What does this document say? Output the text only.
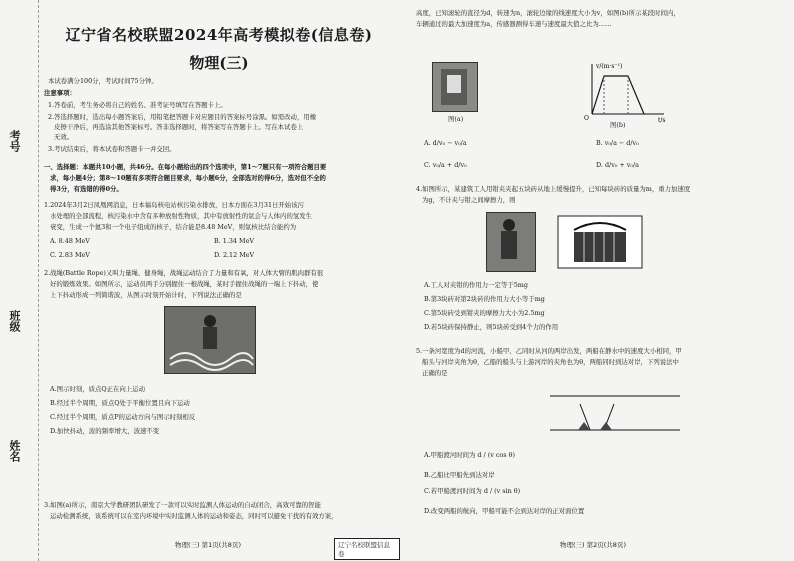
考号
班级
姓名
辽宁省名校联盟2024年高考模拟卷(信息卷)
物理(三)
本试卷满分100分，考试时间75分钟。
注意事项：
1.答卷前，考生务必将自己的姓名、准考证号填写在答题卡上。
2.答选择题时，选出每小题答案后，用铅笔把答题卡对应题目的答案标号涂黑。如需改动，用橡
皮擦干净后，再选涂其他答案标号。答非选择题时，将答案写在答题卡上。写在本试卷上
无效。
3.考试结束后，将本试卷和答题卡一并交回。
一、选择题：本题共10小题，共46分。在每小题给出的四个选项中，第1～7题只有一项符合题目要
求，每小题4分；第8～10题有多项符合题目要求，每小题6分，全部选对的得6分，选对但不全的
得3分，有选错的得0分。
1.2024年3月2日凤凰网消息，日本福岛核电站核污染水排放，日本方面在3月31日开始该污
水处理的全部流程，核污染水中含有多种放射性物质，其中有放射性的氚会与人体内的氢发生
衰变，生成一个氦3和一个电子组成的核子，结合能是8.48 MeV，则氚核比结合能约为
A. 8.48 MeV	B. 1.34 MeV
C. 2.83 MeV	D. 2.12 MeV
2.战绳(Battle Rope)又叫力量绳、健身绳，战绳运动结合了力量和有氧，对人体大臂的肌肉群有很
好的锻炼效果。如图所示，运动员两手分别握住一根战绳，某时手握住战绳的一端上下抖动，使
上下抖动形成一列简谐波，从图示时刻开始计时，下列说法正确的是
A.图示时刻，质点Q正在向上运动
B.经过半个周期，质点Q处于平衡位置且向下运动
C.经过半个周期，质点P的运动方向与图示时刻相反
D.加快抖动，波的频率增大，波速不变
3.如图(a)所示，南京大学教研团队研发了一款可以实时监测人体运动的自动闭合，高效可靠的智能
运动检测系统，该系统可以在室内环境中实时监测人体的运动和姿态，同时可以避免干扰的有效方案，
物理(三) 第1页(共8页)	辽宁名校联盟信息卷
高度，已知滚轮的直径为d，转速为n，滚轮边缘的线速度大小为v，如图(b)所示某段时间内，
车辆通过的最大加速度为a，传感器测得车速与速度最大值之比为……
图(a)
v/(m·s⁻¹)
t/s
O
图(b)
A. d/v₀ − v₀/a	B. v₀/a − d/v₀
C. v₀/a + d/v₀	D. d/v₀ + v₀/a
4.如图所示，某建筑工人用钳夹夹起五块砖从地上缓慢提升，已知每块砖的质量为m，重力加速度
为g，不计夹与钳之间摩擦力，则
A.工人对夹钳的作用力一定等于5mg
B.第3块砖对第2块砖的作用力大小等于mg
C.第5块砖受到钳夹的摩擦力大小为2.5mg
D.若5块砖保持静止，则5块砖受到4个力的作用
5.一条河宽度为d的河流，小船甲、乙同时从河的两岸出发，两船在静水中的速度大小相同，甲
船头与河岸夹角为θ，乙船的船头与上游河岸的夹角也为θ，两船同时到达对岸，下列说法中
正确的是
A.甲船渡河时间为 d / (v cos θ)
B.乙船比甲船先到达对岸
C.若甲船渡河时间为 d / (v sin θ)
D.改变两船的航向，甲船可能不会到达对岸的正对面位置
物理(三) 第2页(共8页)
